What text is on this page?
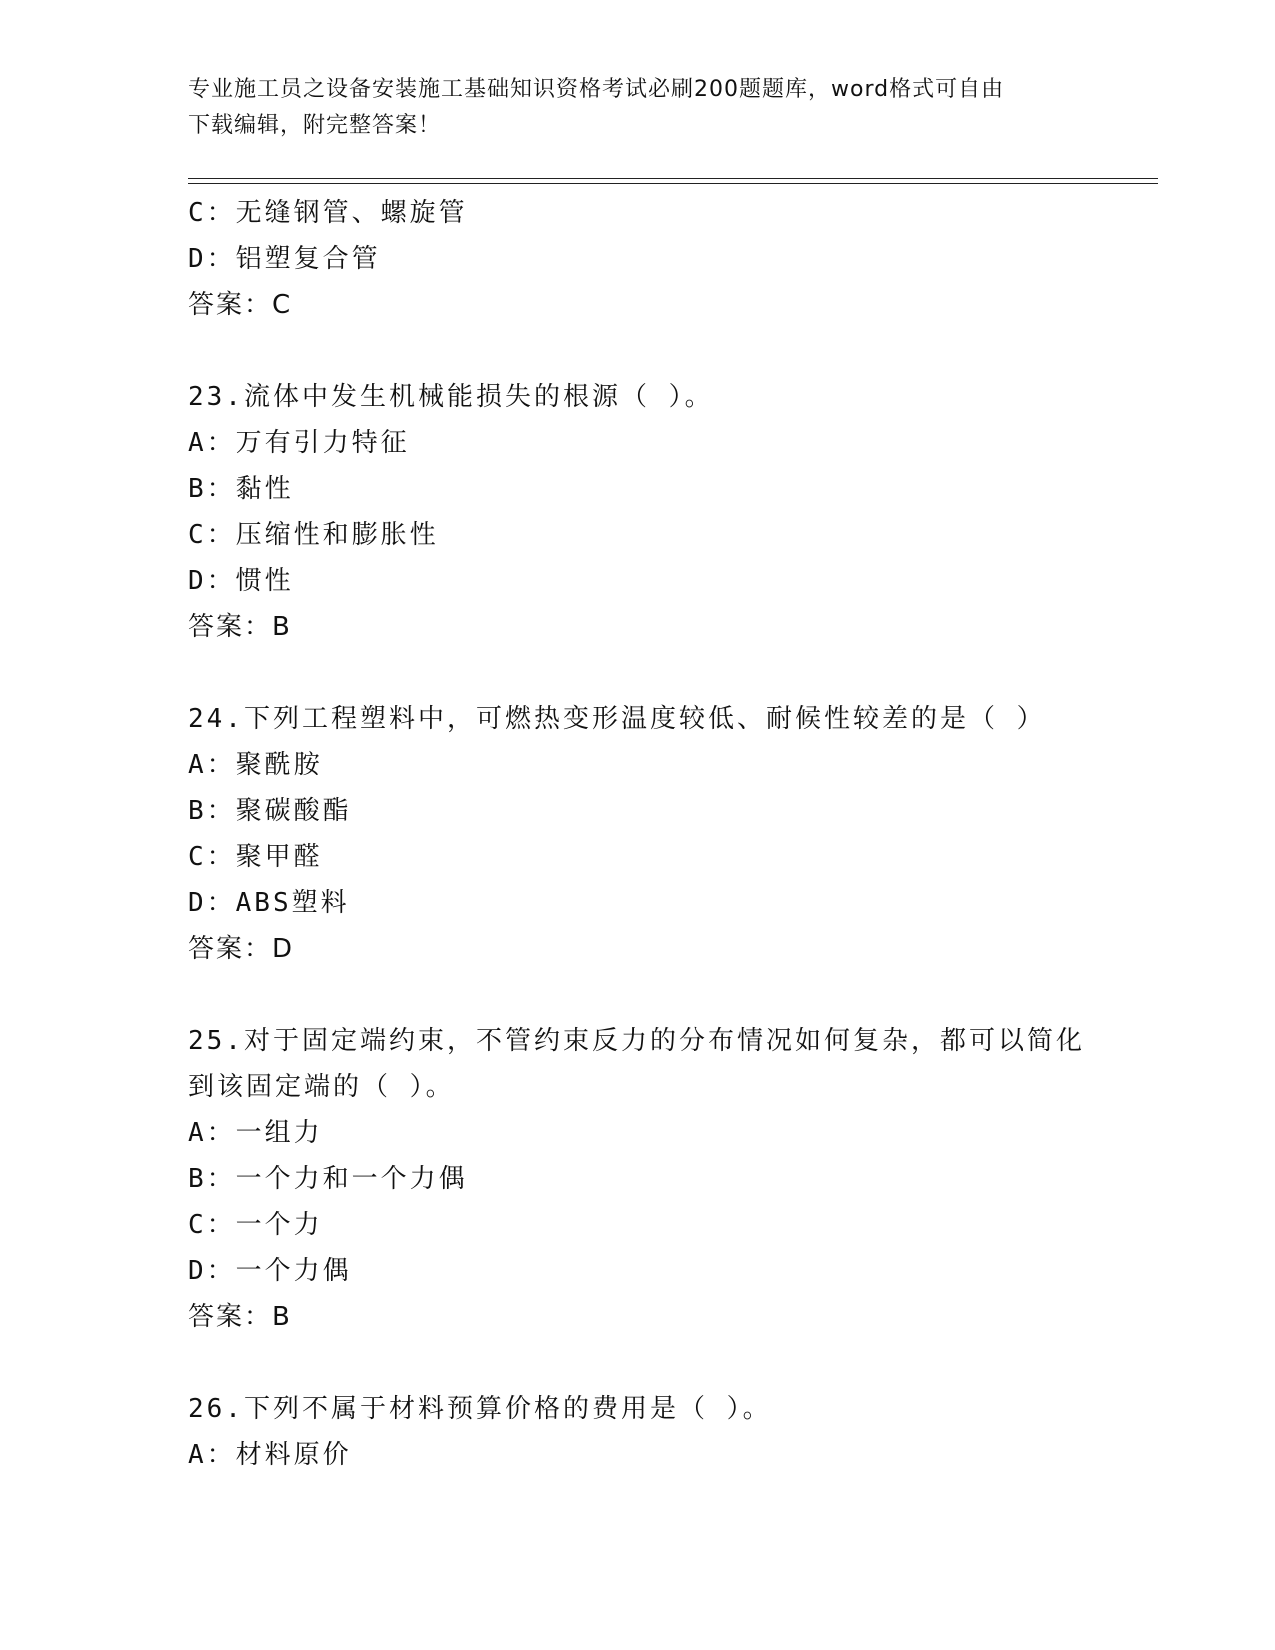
专业施工员之设备安装施工基础知识资格考试必刷200题题库，word格式可自由
下载编辑，附完整答案！
C：无缝钢管、螺旋管
D：铝塑复合管
答案：C
23.流体中发生机械能损失的根源（ ）。
A：万有引力特征
B：黏性
C：压缩性和膨胀性
D：惯性
答案：B
24.下列工程塑料中，可燃热变形温度较低、耐候性较差的是（ ）
A：聚酰胺
B：聚碳酸酯
C：聚甲醛
D：ABS塑料
答案：D
25.对于固定端约束，不管约束反力的分布情况如何复杂，都可以简化
到该固定端的（ ）。
A：一组力
B：一个力和一个力偶
C：一个力
D：一个力偶
答案：B
26.下列不属于材料预算价格的费用是（ ）。
A：材料原价
